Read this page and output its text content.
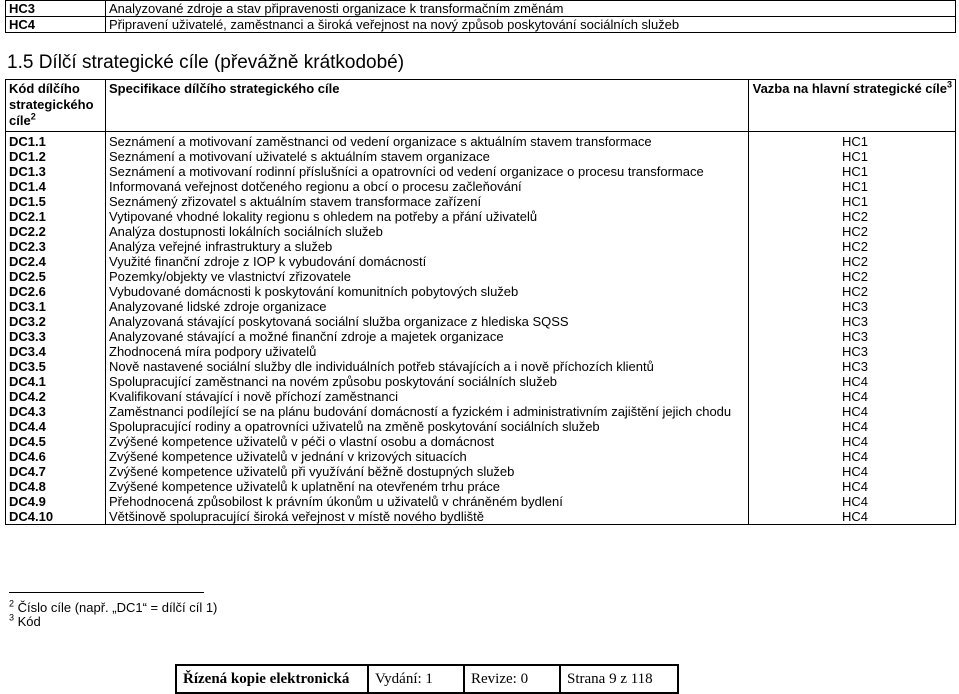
HC3	Analyzované zdroje a stav připravenosti organizace k transformačním změnám
HC4	Připravení uživatelé, zaměstnanci a široká veřejnost na nový způsob poskytování sociálních služeb
1.5 Dílčí strategické cíle (převážně krátkodobé)
Kód dílčího strategického cíle$^2$	Specifikace dílčího strategického cíle	Vazba na hlavní strategické cíle$^3$

DC1.1	Seznámení a motivovaní zaměstnanci od vedení organizace s aktuálním stavem transformace	HC1
DC1.2	Seznámení a motivovaní uživatelé s aktuálním stavem organizace	HC1
DC1.3	Seznámení a motivovaní rodinní příslušníci a opatrovníci od vedení organizace o procesu transformace	HC1
DC1.4	Informovaná veřejnost dotčeného regionu a obcí o procesu začleňování	HC1
DC1.5	Seznámený zřizovatel s aktuálním stavem transformace zařízení	HC1
DC2.1	Vytipované vhodné lokality regionu s ohledem na potřeby a přání uživatelů	HC2
DC2.2	Analýza dostupnosti lokálních sociálních služeb	HC2
DC2.3	Analýza veřejné infrastruktury a služeb	HC2
DC2.4	Využité finanční zdroje z IOP k vybudování domácností	HC2
DC2.5	Pozemky/objekty ve vlastnictví zřizovatele	HC2
DC2.6	Vybudované domácnosti k poskytování komunitních pobytových služeb	HC2
DC3.1	Analyzované lidské zdroje organizace	HC3
DC3.2	Analyzovaná stávající poskytovaná sociální služba organizace z hlediska SQSS	HC3
DC3.3	Analyzované stávající a možné finanční zdroje a majetek organizace	HC3
DC3.4	Zhodnocená míra podpory uživatelů	HC3
DC3.5	Nově nastavené sociální služby dle individuálních potřeb stávajících a i nově příchozích klientů	HC3
DC4.1	Spolupracující zaměstnanci na novém způsobu poskytování sociálních služeb	HC4
DC4.2	Kvalifikovaní stávající i nově příchozí zaměstnanci	HC4
DC4.3	Zaměstnanci podílející se na plánu budování domácností a fyzickém i administrativním zajištění jejich chodu	HC4
DC4.4	Spolupracující rodiny a opatrovníci uživatelů na změně poskytování sociálních služeb	HC4
DC4.5	Zvýšené kompetence uživatelů v péči o vlastní osobu a domácnost	HC4
DC4.6	Zvýšené kompetence uživatelů v jednání v krizových situacích	HC4
DC4.7	Zvýšené kompetence uživatelů při využívání běžně dostupných služeb	HC4
DC4.8	Zvýšené kompetence uživatelů k uplatnění na otevřeném trhu práce	HC4
DC4.9	Přehodnocená způsobilost k právním úkonům u uživatelů v chráněném bydlení	HC4
DC4.10	Většinově spolupracující široká veřejnost v místě nového bydliště	HC4

$^2$ Číslo cíle (např. „DC1“ = dílčí cíl 1)

$^3$ Kód

Řízená kopie elektronická	Vydání: 1	Revize: 0	Strana 9 z 118
